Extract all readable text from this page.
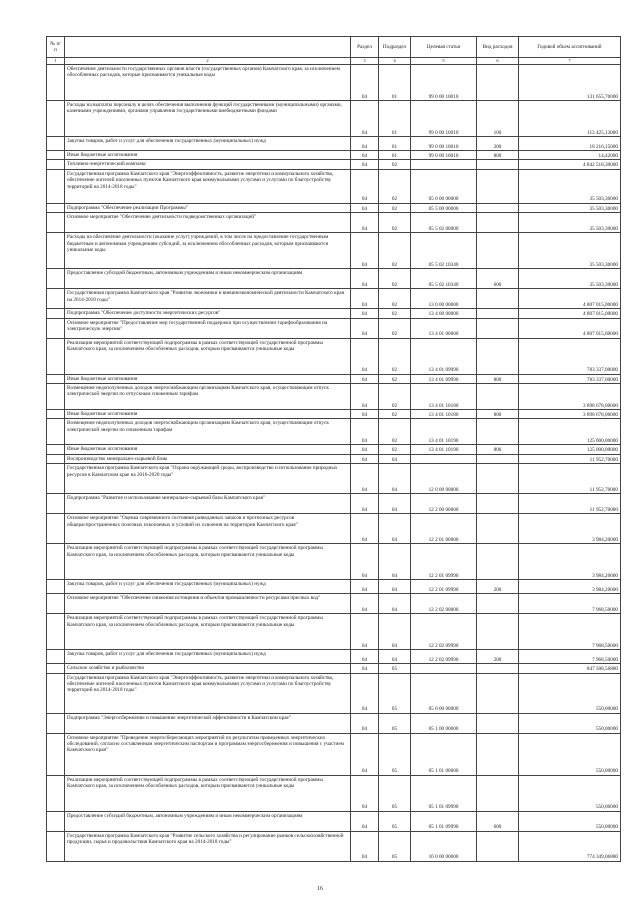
№ п/п		Раздел	Подраздел	Целевая статья	Вид расходов	Годовой объем ассигнований
1	2	3	4	5	6	7
	Обеспечение деятельности государственных органов власти (государственных органов) Камчатского края, за исключением обособленных расходов, которые присваиваются уникальные коды	04	01	99 0 00 10010		131 655,70000
	Расходы на выплаты персоналу в целях обеспечения выполнения функций государственными (муниципальными) органами, казенными учреждениями, органами управления государственными внебюджетными фондами	04	01	99 0 00 10010	100	113 425,13000
	Закупка товаров, работ и услуг для обеспечения государственных (муниципальных) нужд	04	01	99 0 00 10010	200	18 216,15000
	Иные бюджетные ассигнования	04	01	99 0 00 10010	800	14,42000
	Топливно-энергетический комплекс	04	02			4 842 518,30000
	Государственная программа Камчатского края "Энергоэффективность, развитие энергетики и коммунального хозяйства, обеспечение жителей населенных пунктов Камчатского края коммунальными услугами и услугами по благоустройству территорий на 2014-2018 годы"	04	02	05 0 00 00000		35 503,30000
	Подпрограмма "Обеспечение реализации Программы"	04	02	05 5 00 00000		35 503,30000
	Основное мероприятие "Обеспечение деятельности подведомственных организаций"	04	02	05 5 02 00000		35 503,30000
	Расходы на обеспечение деятельности (оказание услуг) учреждений, в том числе на предоставление государственным бюджетным и автономным учреждениям субсидий, за исключением обособленных расходов, которым присваиваются уникальные коды	04	02	05 5 02 10340		35 503,30000
	Предоставление субсидий бюджетным, автономным учреждениям и иным некоммерческим организациям	04	02	05 5 02 10340	600	35 503,30000
	Государственная программа Камчатского края "Развитие экономики и внешнеэкономической деятельности Камчатского края на 2014-2018 годы"	04	02	13 0 00 00000		4 807 015,00000
	Подпрограмма "Обеспечение доступности энергетических ресурсов"	04	02	13 4 00 00000		4 807 015,00000
	Основное мероприятие "Предоставление мер государственной поддержки при осуществлении тарифообразования на электрическую энергию"	04	02	13 4 01 00000		4 807 015,00000
	Реализация мероприятий соответствующей подпрограммы в рамках соответствующей государственной программы Камчатского края, за исключением обособленных расходов, которым присваиваются уникальные коды	04	02	13 4 01 09990		783 337,00000
	Иные бюджетные ассигнования	04	02	13 4 01 09990	800	783 337,00000
	Возмещение недополученных доходов энергоснабжающим организациям Камчатского края, осуществляющим отпуск электрической энергии по отпускным сниженным тарифам	04	02	13 4 01 10180		3 898 678,00000
	Иные бюджетные ассигнования	04	02	13 4 01 10180	800	3 898 678,00000
	Возмещение недополученных доходов энергоснабжающим организациям Камчатского края, осуществляющим отпуск электрической энергии по сниженным тарифам	04	02	13 4 01 10190		125 000,00000
	Иные бюджетные ассигнования	04	02	13 4 01 10190	800	125 000,00000
	Воспроизводство минерально-сырьевой базы	04	04			11 952,70000
	Государственная программа Камчатского края "Охрана окружающей среды, воспроизводство и использование природных ресурсов в Камчатском крае на 2016-2020 годы"	04	04	12 0 00 00000		11 952,70000
	Подпрограмма "Развитие и использование минерально-сырьевой базы Камчатского края"	04	04	12 2 00 00000		11 952,70000
	Основное мероприятие "Оценка современного состояния разведанных запасов и прогнозных ресурсов общераспространенных полезных ископаемых и условий их освоения на территории Камчатского края"	04	04	12 2 01 00000		3 984,20000
	Реализация мероприятий соответствующей подпрограммы в рамках соответствующей государственной программы Камчатского края, за исключением обособленных расходов, которым присваиваются уникальные коды	04	04	12 2 01 09990		3 984,20000
	Закупка товаров, работ и услуг для обеспечения государственных (муниципальных) нужд	04	04	12 2 01 09990	200	3 984,20000
	Основное мероприятие "Обеспечение снижения истощения и объектов промышленности ресурсами пресных вод"	04	04	12 2 02 00000		7 968,50000
	Реализация мероприятий соответствующей подпрограммы в рамках соответствующей государственной программы Камчатского края, за исключением обособленных расходов, которым присваиваются уникальные коды	04	04	12 2 02 09990		7 968,50000
	Закупка товаров, работ и услуг для обеспечения государственных (муниципальных) нужд	04	04	12 2 02 09990	200	7 968,50000
	Сельское хозяйство и рыболовство	04	05			847 508,56880
	Государственная программа Камчатского края "Энергоэффективность, развитие энергетики и коммунального хозяйства, обеспечение жителей населенных пунктов Камчатского края коммунальными услугами и услугами по благоустройству территорий на 2014-2018 годы"	04	05	05 0 00 00000		550,00000
	Подпрограмма "Энергосбережение и повышение энергетической эффективности в Камчатском крае"	04	05	05 1 00 00000		550,00000
	Основное мероприятие "Проведение энергосберегающих мероприятий по результатам проведенных энергетических обследований, согласно составленным энергетическим паспортам и программам энергосбережения и повышения с участием Камчатского края"	04	05	05 1 01 00000		550,00000
	Реализация мероприятий соответствующей подпрограммы в рамках соответствующей государственной программы Камчатского края, за исключением обособленных расходов, которым присваиваются уникальные коды	04	05	05 1 01 09990		550,00000
	Предоставление субсидий бюджетным, автономным учреждениям и иным некоммерческим организациям	04	05	05 1 01 09990	600	550,00000
	Государственная программа Камчатского края "Развитие сельского хозяйства и регулирование рынков сельскохозяйственной продукции, сырья и продовольствия Камчатского края на 2014-2018 годы"	04	05	16 0 00 00000		774 349,06880
16
